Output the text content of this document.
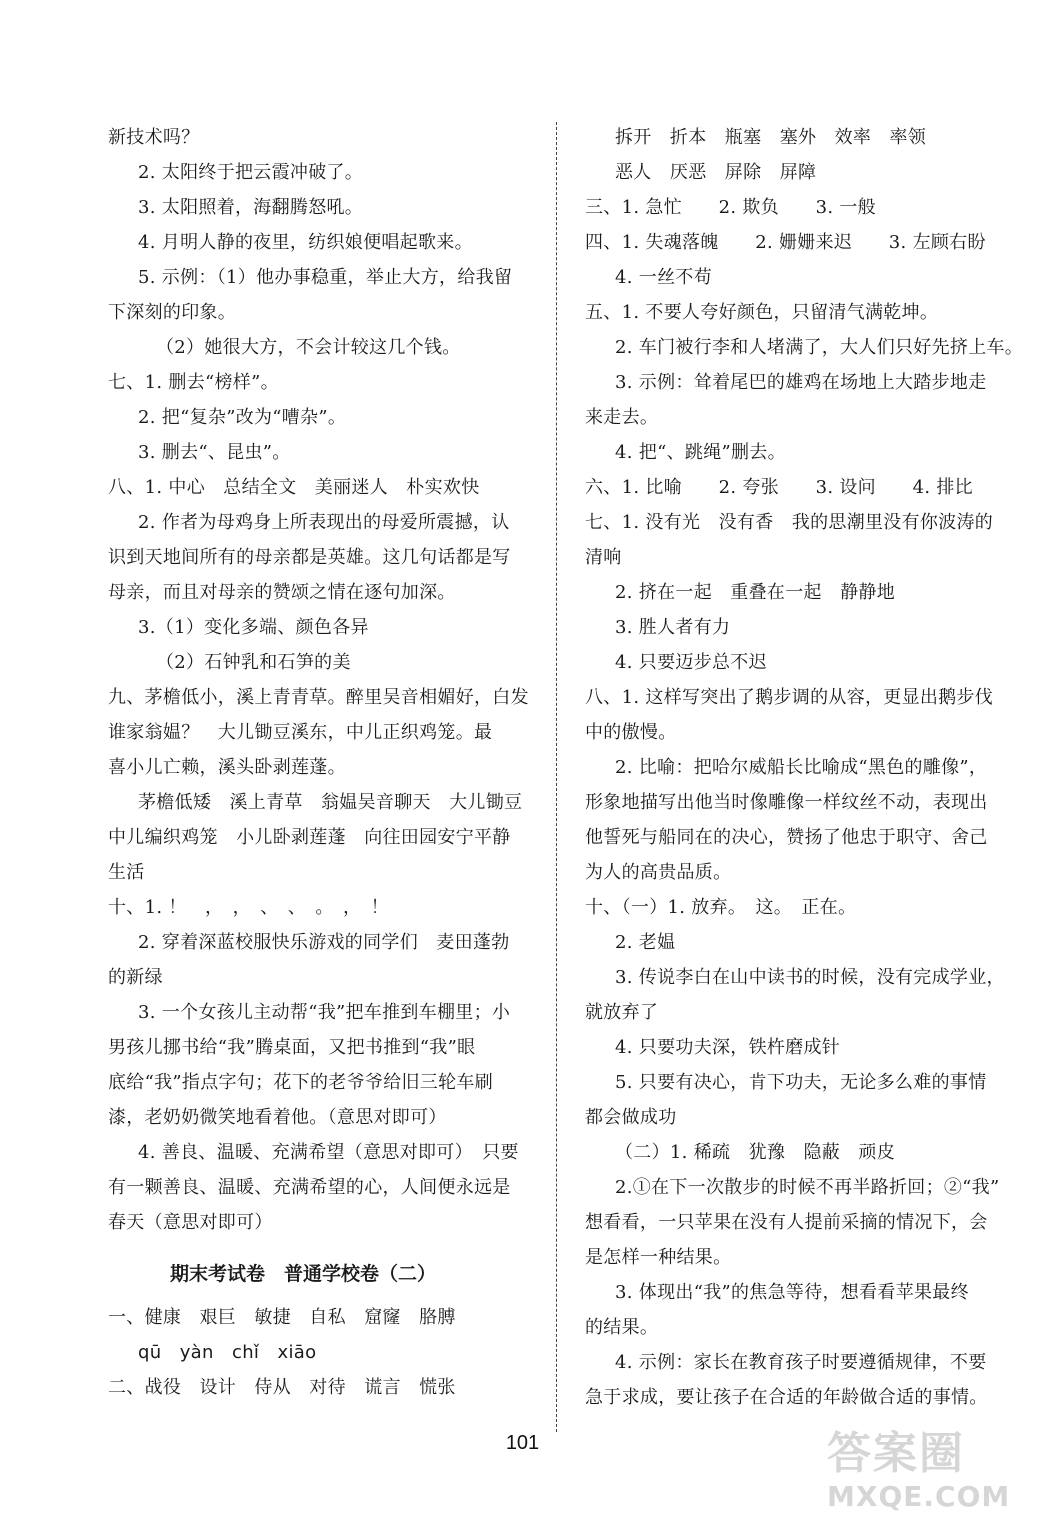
新技术吗？
2. 太阳终于把云霞冲破了。
3. 太阳照着，海翻腾怒吼。
4. 月明人静的夜里，纺织娘便唱起歌来。
5. 示例：（1）他办事稳重，举止大方，给我留
下深刻的印象。
（2）她很大方，不会计较这几个钱。
七、1. 删去“榜样”。
2. 把“复杂”改为“嘈杂”。
3. 删去“、昆虫”。
八、1. 中心　总结全文　美丽迷人　朴实欢快
2. 作者为母鸡身上所表现出的母爱所震撼，认
识到天地间所有的母亲都是英雄。这几句话都是写
母亲，而且对母亲的赞颂之情在逐句加深。
3.（1）变化多端、颜色各异
（2）石钟乳和石笋的美
九、茅檐低小，溪上青青草。醉里吴音相媚好，白发
谁家翁媪？　大儿锄豆溪东，中儿正织鸡笼。最
喜小儿亡赖，溪头卧剥莲蓬。
茅檐低矮　溪上青草　翁媪吴音聊天　大儿锄豆
中儿编织鸡笼　小儿卧剥莲蓬　向往田园安宁平静
生活
十、1. ！　，　，　、　、　。　，　！
2. 穿着深蓝校服快乐游戏的同学们　麦田蓬勃
的新绿
3. 一个女孩儿主动帮“我”把车推到车棚里；小
男孩儿挪书给“我”腾桌面，又把书推到“我”眼
底给“我”指点字句；花下的老爷爷给旧三轮车刷
漆，老奶奶微笑地看着他。（意思对即可）
4. 善良、温暖、充满希望（意思对即可）　只要
有一颗善良、温暖、充满希望的心，人间便永远是
春天（意思对即可）
期末考试卷　普通学校卷（二）
一、健康　艰巨　敏捷　自私　窟窿　胳膊
qū　yàn　chǐ　xiāo
二、战役　设计　侍从　对待　谎言　慌张
拆开　折本　瓶塞　塞外　效率　率领
恶人　厌恶　屏除　屏障
三、1. 急忙　　2. 欺负　　3. 一般
四、1. 失魂落魄　　2. 姗姗来迟　　3. 左顾右盼
4. 一丝不苟
五、1. 不要人夸好颜色，只留清气满乾坤。
2. 车门被行李和人堵满了，大人们只好先挤上车。
3. 示例：耸着尾巴的雄鸡在场地上大踏步地走
来走去。
4. 把“、跳绳”删去。
六、1. 比喻　　2. 夸张　　3. 设问　　4. 排比
七、1. 没有光　没有香　我的思潮里没有你波涛的
清响
2. 挤在一起　重叠在一起　静静地
3. 胜人者有力
4. 只要迈步总不迟
八、1. 这样写突出了鹅步调的从容，更显出鹅步伐
中的傲慢。
2. 比喻：把哈尔威船长比喻成“黑色的雕像”，
形象地描写出他当时像雕像一样纹丝不动，表现出
他誓死与船同在的决心，赞扬了他忠于职守、舍己
为人的高贵品质。
十、（一）1. 放弃。　这。　正在。
2. 老媪
3. 传说李白在山中读书的时候，没有完成学业，
就放弃了
4. 只要功夫深，铁杵磨成针
5. 只要有决心，肯下功夫，无论多么难的事情
都会做成功
（二）1. 稀疏　犹豫　隐蔽　顽皮
2.①在下一次散步的时候不再半路折回；②“我”
想看看，一只苹果在没有人提前采摘的情况下，会
是怎样一种结果。
3. 体现出“我”的焦急等待，想看看苹果最终
的结果。
4. 示例：家长在教育孩子时要遵循规律，不要
急于求成，要让孩子在合适的年龄做合适的事情。
101	答案圈
MXQE.COM
